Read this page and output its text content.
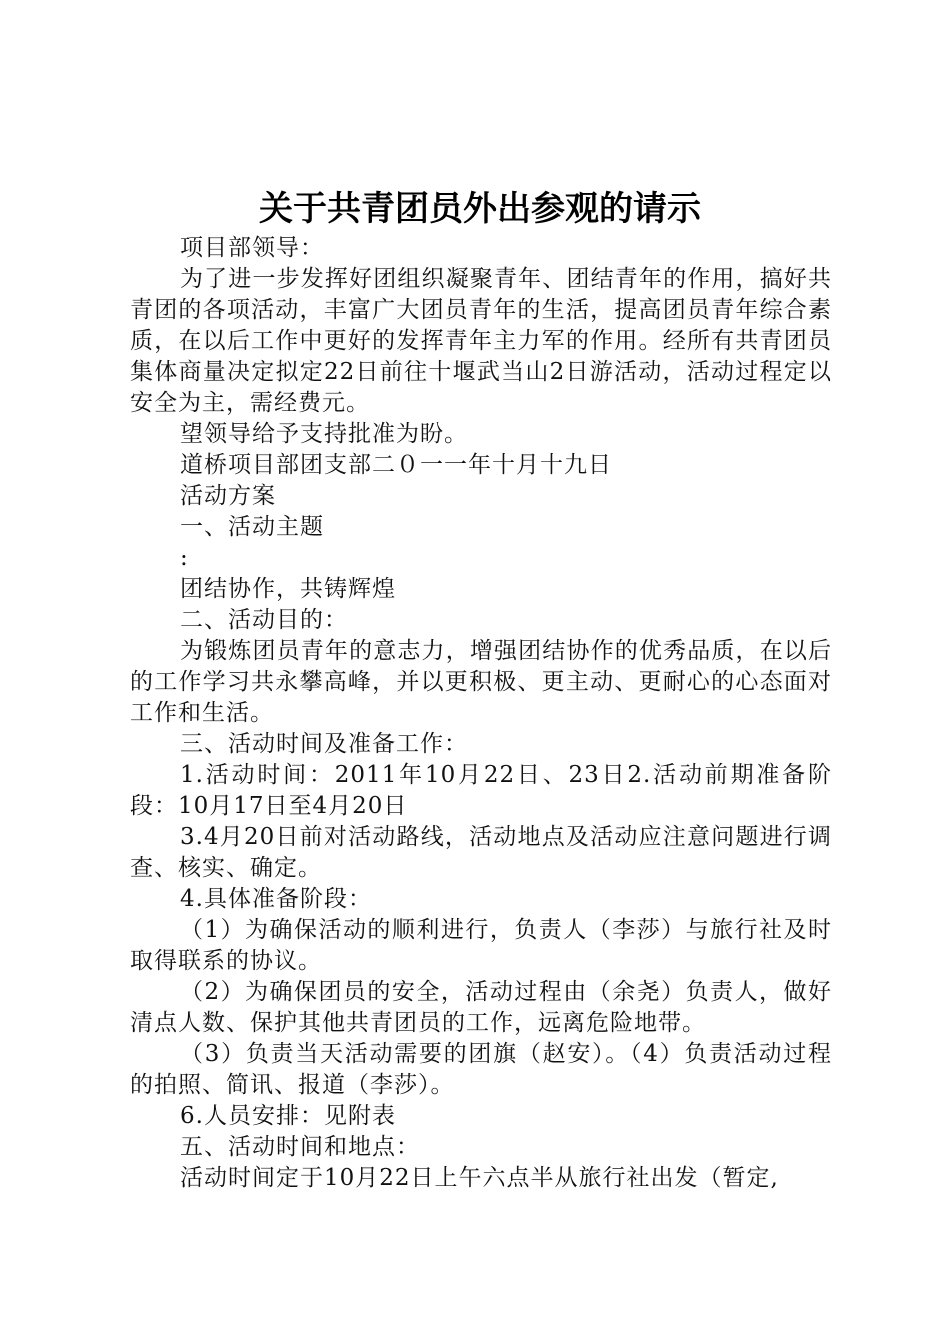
关于共青团员外出参观的请示

项目部领导：

为了进一步发挥好团组织凝聚青年、团结青年的作用，搞好共青团的各项活动，丰富广大团员青年的生活，提高团员青年综合素质，在以后工作中更好的发挥青年主力军的作用。经所有共青团员集体商量决定拟定22日前往十堰武当山2日游活动，活动过程定以安全为主，需经费元。

望领导给予支持批准为盼。

道桥项目部团支部二０一一年十月十九日

活动方案

一、活动主题

:

团结协作，共铸辉煌

二、活动目的：

为锻炼团员青年的意志力，增强团结协作的优秀品质，在以后的工作学习共永攀高峰，并以更积极、更主动、更耐心的心态面对工作和生活。

三、活动时间及准备工作：

1.活动时间：2011年10月22日、23日2.活动前期准备阶段：10月17日至4月20日

3.4月20日前对活动路线，活动地点及活动应注意问题进行调查、核实、确定。

4.具体准备阶段：

（1）为确保活动的顺利进行，负责人（李莎）与旅行社及时取得联系的协议。

（2）为确保团员的安全，活动过程由（余尧）负责人，做好清点人数、保护其他共青团员的工作，远离危险地带。

（3）负责当天活动需要的团旗（赵安）。（4）负责活动过程的拍照、简讯、报道（李莎）。

6.人员安排：见附表

五、活动时间和地点：

活动时间定于10月22日上午六点半从旅行社出发（暂定,
